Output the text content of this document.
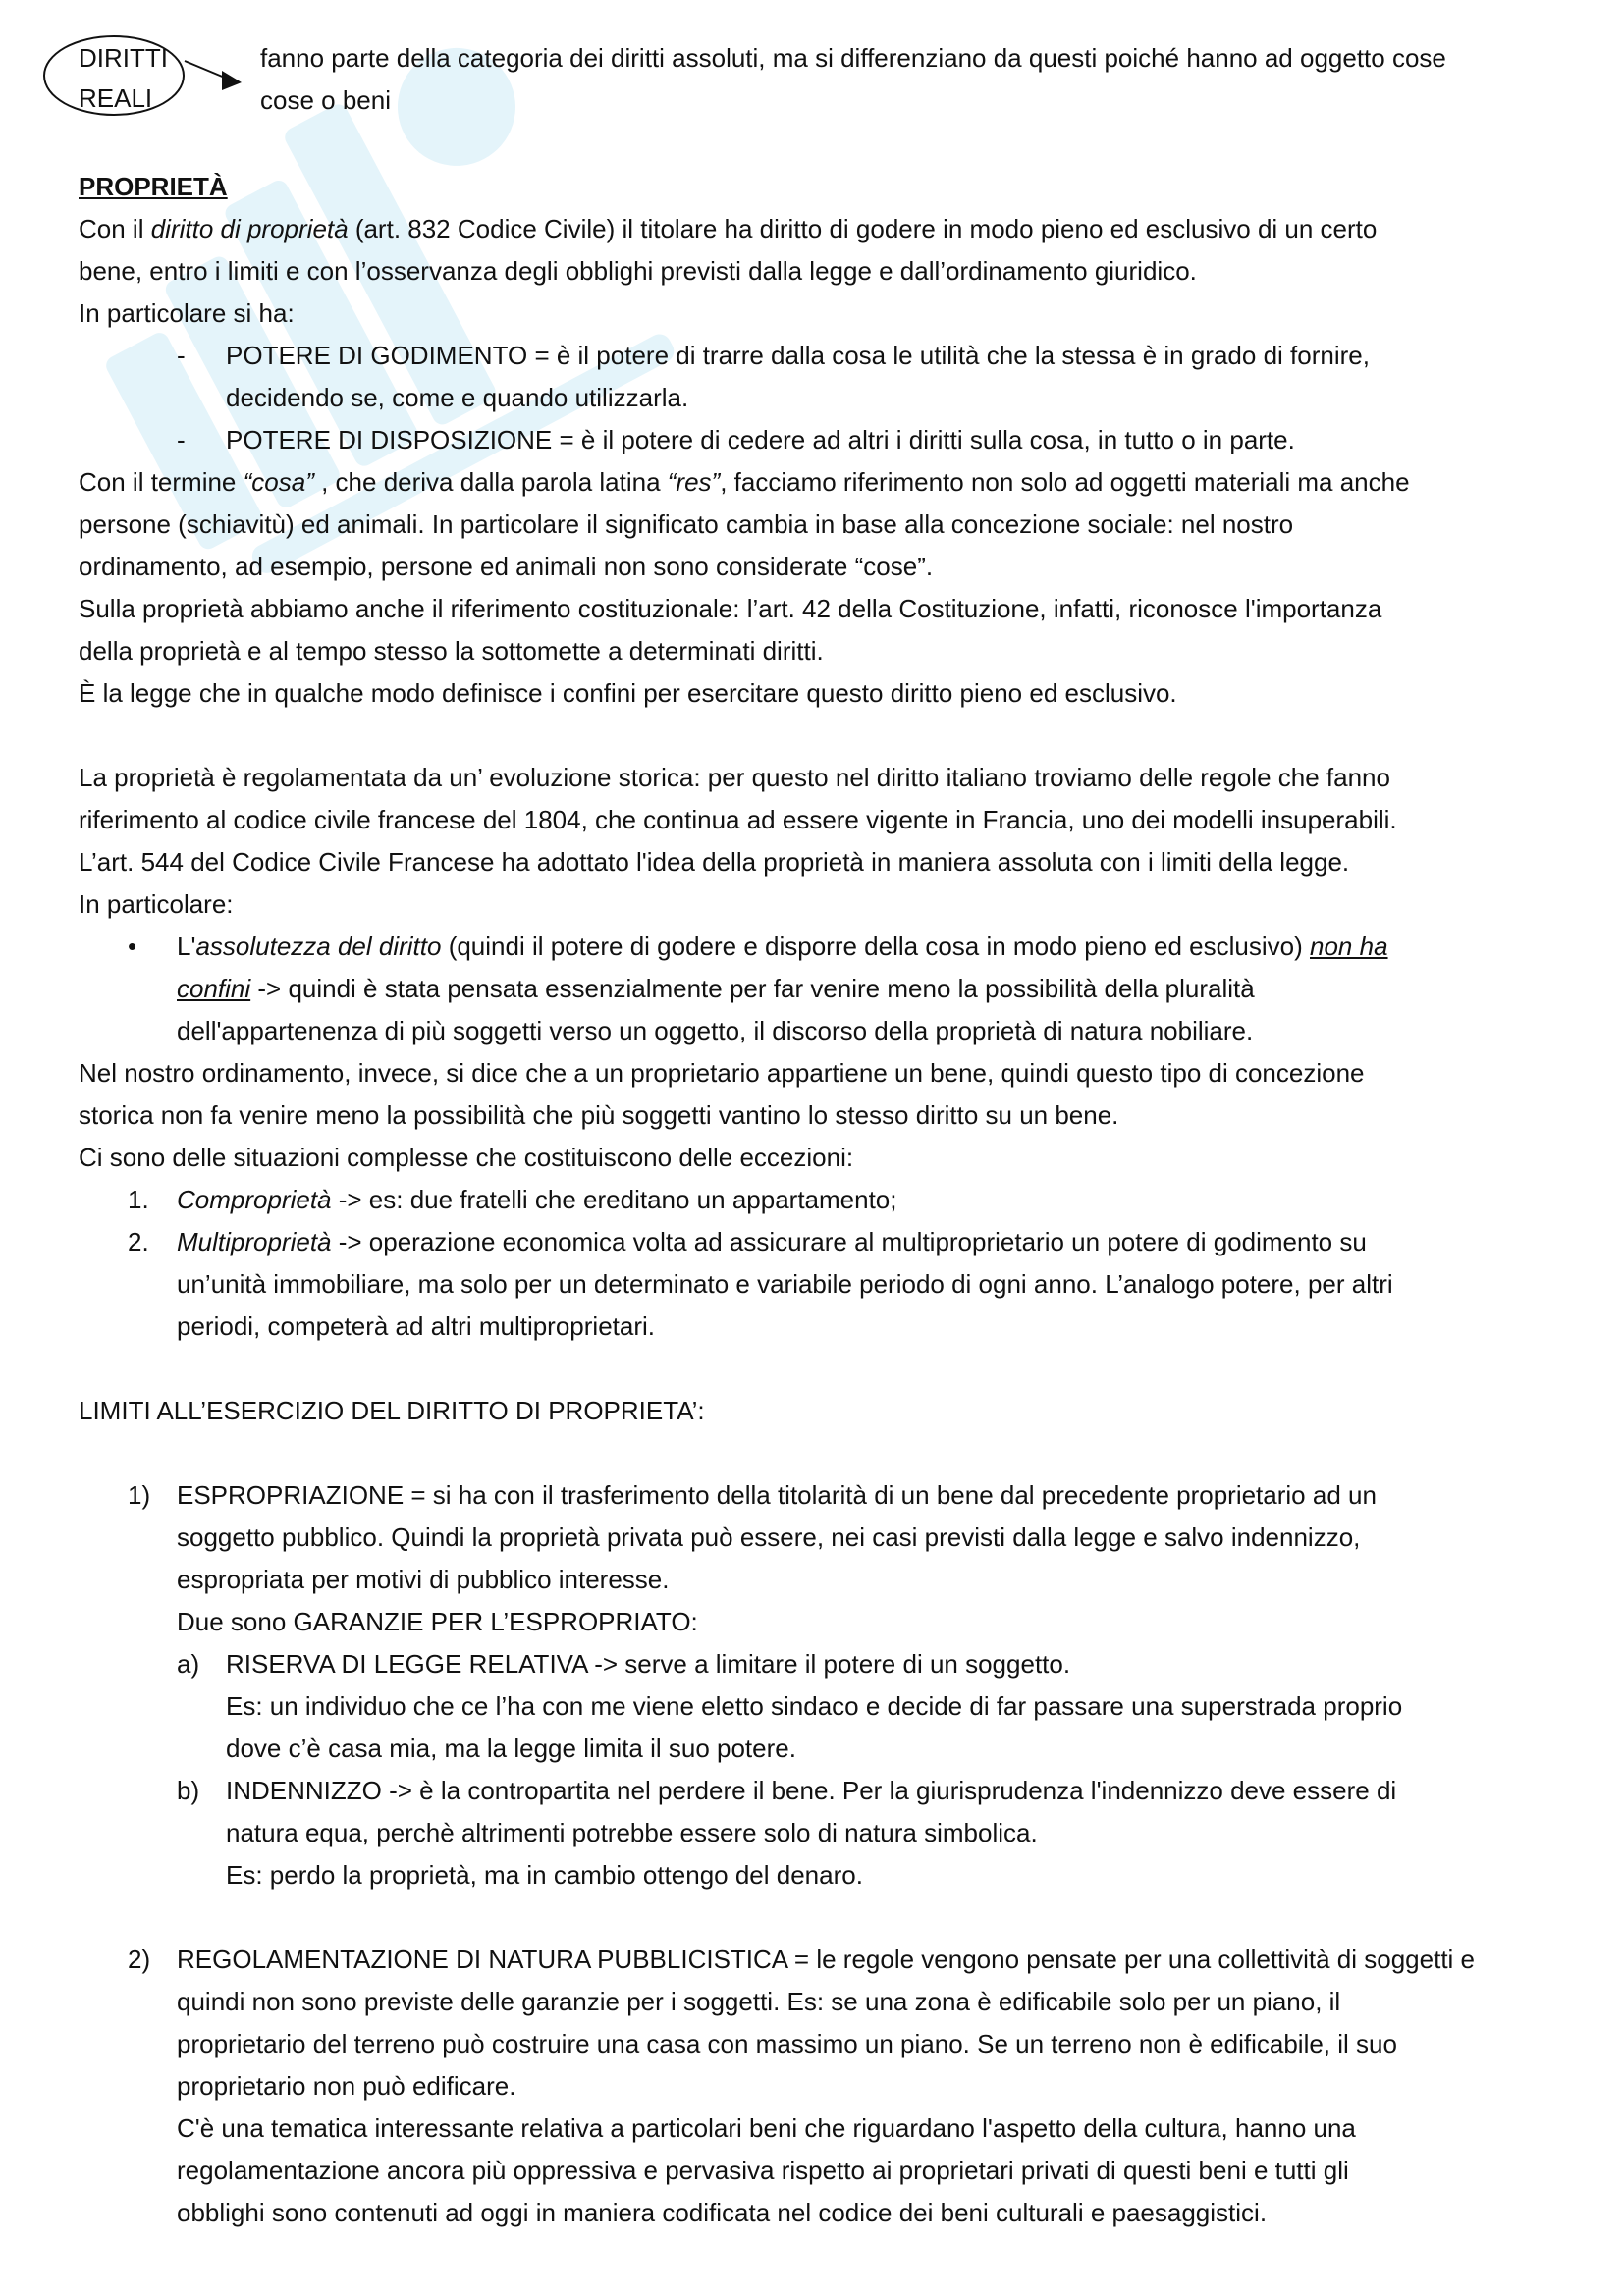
DIRITTI
REALI
fanno parte della categoria dei diritti assoluti, ma si differenziano da questi poiché hanno ad oggetto cose
cose o beni
PROPRIETÀ
Con il diritto di proprietà (art. 832 Codice Civile) il titolare ha diritto di godere in modo pieno ed esclusivo di un certo
bene, entro i limiti e con l’osservanza degli obblighi previsti dalla legge e dall’ordinamento giuridico.
In particolare si ha:
- POTERE DI GODIMENTO = è il potere di trarre dalla cosa le utilità che la stessa è in grado di fornire,
decidendo se, come e quando utilizzarla.
- POTERE DI DISPOSIZIONE = è il potere di cedere ad altri i diritti sulla cosa, in tutto o in parte.
Con il termine “cosa” , che deriva dalla parola latina “res”, facciamo riferimento non solo ad oggetti materiali ma anche
persone (schiavitù) ed animali. In particolare il significato cambia in base alla concezione sociale: nel nostro
ordinamento, ad esempio, persone ed animali non sono considerate “cose”.
Sulla proprietà abbiamo anche il riferimento costituzionale: l’art. 42 della Costituzione, infatti, riconosce l'importanza
della proprietà e al tempo stesso la sottomette a determinati diritti.
È la legge che in qualche modo definisce i confini per esercitare questo diritto pieno ed esclusivo.
La proprietà è regolamentata da un’ evoluzione storica: per questo nel diritto italiano troviamo delle regole che fanno
riferimento al codice civile francese del 1804, che continua ad essere vigente in Francia, uno dei modelli insuperabili.
L’art. 544 del Codice Civile Francese ha adottato l'idea della proprietà in maniera assoluta con i limiti della legge.
In particolare:
• L'assolutezza del diritto (quindi il potere di godere e disporre della cosa in modo pieno ed esclusivo) non ha
confini -> quindi è stata pensata essenzialmente per far venire meno la possibilità della pluralità
dell'appartenenza di più soggetti verso un oggetto, il discorso della proprietà di natura nobiliare.
Nel nostro ordinamento, invece, si dice che a un proprietario appartiene un bene, quindi questo tipo di concezione
storica non fa venire meno la possibilità che più soggetti vantino lo stesso diritto su un bene.
Ci sono delle situazioni complesse che costituiscono delle eccezioni:
1. Comproprietà -> es: due fratelli che ereditano un appartamento;
2. Multiproprietà -> operazione economica volta ad assicurare al multiproprietario un potere di godimento su
un’unità immobiliare, ma solo per un determinato e variabile periodo di ogni anno. L’analogo potere, per altri
periodi, competerà ad altri multiproprietari.
LIMITI ALL’ESERCIZIO DEL DIRITTO DI PROPRIETA’:
1) ESPROPRIAZIONE = si ha con il trasferimento della titolarità di un bene dal precedente proprietario ad un
soggetto pubblico. Quindi la proprietà privata può essere, nei casi previsti dalla legge e salvo indennizzo,
espropriata per motivi di pubblico interesse.
Due sono GARANZIE PER L’ESPROPRIATO:
a) RISERVA DI LEGGE RELATIVA -> serve a limitare il potere di un soggetto.
Es: un individuo che ce l’ha con me viene eletto sindaco e decide di far passare una superstrada proprio
dove c’è casa mia, ma la legge limita il suo potere.
b) INDENNIZZO -> è la contropartita nel perdere il bene. Per la giurisprudenza l'indennizzo deve essere di
natura equa, perchè altrimenti potrebbe essere solo di natura simbolica.
Es: perdo la proprietà, ma in cambio ottengo del denaro.
2) REGOLAMENTAZIONE DI NATURA PUBBLICISTICA = le regole vengono pensate per una collettività di soggetti e
quindi non sono previste delle garanzie per i soggetti. Es: se una zona è edificabile solo per un piano, il
proprietario del terreno può costruire una casa con massimo un piano. Se un terreno non è edificabile, il suo
proprietario non può edificare.
C'è una tematica interessante relativa a particolari beni che riguardano l'aspetto della cultura, hanno una
regolamentazione ancora più oppressiva e pervasiva rispetto ai proprietari privati di questi beni e tutti gli
obblighi sono contenuti ad oggi in maniera codificata nel codice dei beni culturali e paesaggistici.
